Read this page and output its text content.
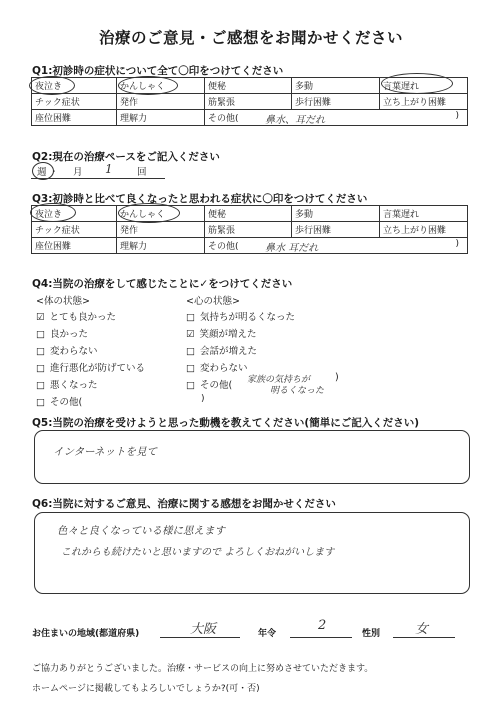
治療のご意見・ご感想をお聞かせください
Q1:初診時の症状について全て〇印をつけてください
夜泣き	かんしゃく	便秘	多動	言葉遅れ
チック症状	発作	筋緊張	歩行困難	立ち上がり困難
座位困難	理解力	その他( 鼻水、耳だれ )		
Q2:現在の治療ペースをご記入ください
週 ・ 月 1	回
Q3:初診時と比べて良くなったと思われる症状に〇印をつけてください
夜泣き	かんしゃく	便秘	多動	言葉遅れ
チック症状	発作	筋緊張	歩行困難	立ち上がり困難
座位困難	理解力	その他( 鼻水 耳だれ )		
Q4:当院の治療をして感じたことに✓をつけてください
<体の状態>	<心の状態>
☑ とても良かった
□ 良かった
□ 変わらない
□ 進行悪化が防げている
□ 悪くなった
□ その他(
□ 気持ちが明るくなった
☑ 笑顔が増えた
□ 会話が増えた
□ 変わらない
□ その他(
)
家族の気持ちが
明るくなった
)
Q5:当院の治療を受けようと思った動機を教えてください(簡単にご記入ください)
インターネットを見て
Q6:当院に対するご意見、治療に関する感想をお聞かせください
色々と良くなっている様に思えます
これからも続けたいと思いますので よろしくおねがいします
お住まいの地域(都道府県)	大阪	年令
2
性別	女
ご協力ありがとうございました。治療・サービスの向上に努めさせていただきます。
ホームページに掲載してもよろしいでしょうか?(可・否)
